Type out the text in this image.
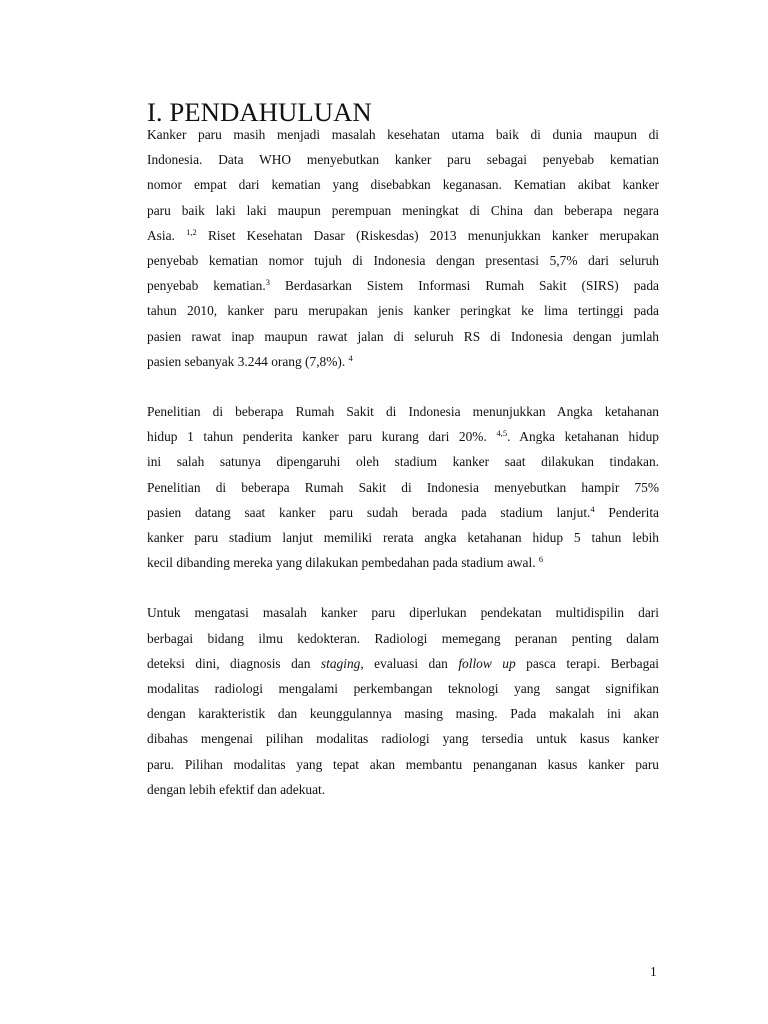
I. PENDAHULUAN

Kanker paru masih menjadi masalah kesehatan utama baik di dunia maupun di
Indonesia. Data WHO menyebutkan kanker paru sebagai penyebab kematian
nomor empat dari kematian yang disebabkan keganasan. Kematian akibat kanker
paru baik laki laki maupun perempuan meningkat di China dan beberapa negara
Asia. $^{1,2}$ Riset Kesehatan Dasar (Riskesdas) 2013 menunjukkan kanker merupakan
penyebab kematian nomor tujuh di Indonesia dengan presentasi 5,7% dari seluruh
penyebab kematian.$^3$ Berdasarkan Sistem Informasi Rumah Sakit (SIRS) pada
tahun 2010, kanker paru merupakan jenis kanker peringkat ke lima tertinggi pada
pasien rawat inap maupun rawat jalan di seluruh RS di Indonesia dengan jumlah
pasien sebanyak 3.244 orang (7,8%). $^4$

Penelitian di beberapa Rumah Sakit di Indonesia menunjukkan Angka ketahanan
hidup 1 tahun penderita kanker paru kurang dari 20%. $^{4,5}$. Angka ketahanan hidup
ini salah satunya dipengaruhi oleh stadium kanker saat dilakukan tindakan.
Penelitian di beberapa Rumah Sakit di Indonesia menyebutkan hampir 75%
pasien datang saat kanker paru sudah berada pada stadium lanjut.$^4$ Penderita
kanker paru stadium lanjut memiliki rerata angka ketahanan hidup 5 tahun lebih
kecil dibanding mereka yang dilakukan pembedahan pada stadium awal. $^6$

Untuk mengatasi masalah kanker paru diperlukan pendekatan multidispilin dari
berbagai bidang ilmu kedokteran. Radiologi memegang peranan penting dalam
deteksi dini, diagnosis dan staging, evaluasi dan follow up pasca terapi. Berbagai
modalitas radiologi mengalami perkembangan teknologi yang sangat signifikan
dengan karakteristik dan keunggulannya masing masing. Pada makalah ini akan
dibahas mengenai pilihan modalitas radiologi yang tersedia untuk kasus kanker
paru. Pilihan modalitas yang tepat akan membantu penanganan kasus kanker paru
dengan lebih efektif dan adekuat.

1
